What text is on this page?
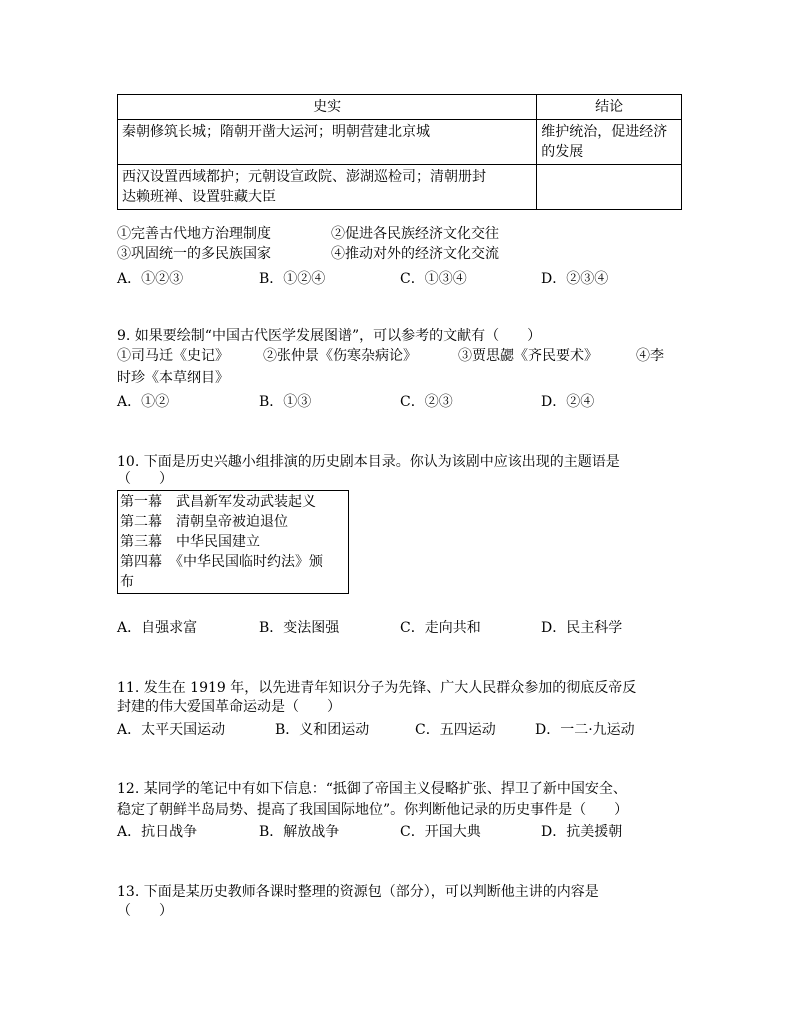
史实	结论
秦朝修筑长城；隋朝开凿大运河；明朝营建北京城	维护统治，促进经济
的发展

西汉设置西域都护；元朝设宣政院、澎湖巡检司；清朝册封
达赖班禅、设置驻藏大臣	

①完善古代地方治理制度	②促进各民族经济文化交往
③巩固统一的多民族国家	④推动对外的经济文化交流
A．①②③	B．①②④	C．①③④	D．②③④
9. 如果要绘制“中国古代医学发展图谱”，可以参考的文献有（　　）
①司马迁《史记》 ②张仲景《伤寒杂病论》	③贾思勰《齐民要术》	④李
时珍《本草纲目》
A．①②	B．①③	C．②③	D．②④
10. 下面是历史兴趣小组排演的历史剧本目录。你认为该剧中应该出现的主题语是
（　　）
第一幕　武昌新军发动武装起义
第二幕　清朝皇帝被迫退位
第三幕　中华民国建立
第四幕　《中华民国临时约法》颁
布
A．自强求富	B．变法图强	C．走向共和	D．民主科学
11. 发生在 1919 年，以先进青年知识分子为先锋、广大人民群众参加的彻底反帝反
封建的伟大爱国革命运动是（　　）
A．太平天国运动	B．义和团运动	C．五四运动	D．一二·九运动
12. 某同学的笔记中有如下信息：“抵御了帝国主义侵略扩张、捍卫了新中国安全、
稳定了朝鲜半岛局势、提高了我国国际地位”。你判断他记录的历史事件是（　　）
A．抗日战争	B．解放战争	C．开国大典	D．抗美援朝
13. 下面是某历史教师各课时整理的资源包（部分），可以判断他主讲的内容是
（　　）
